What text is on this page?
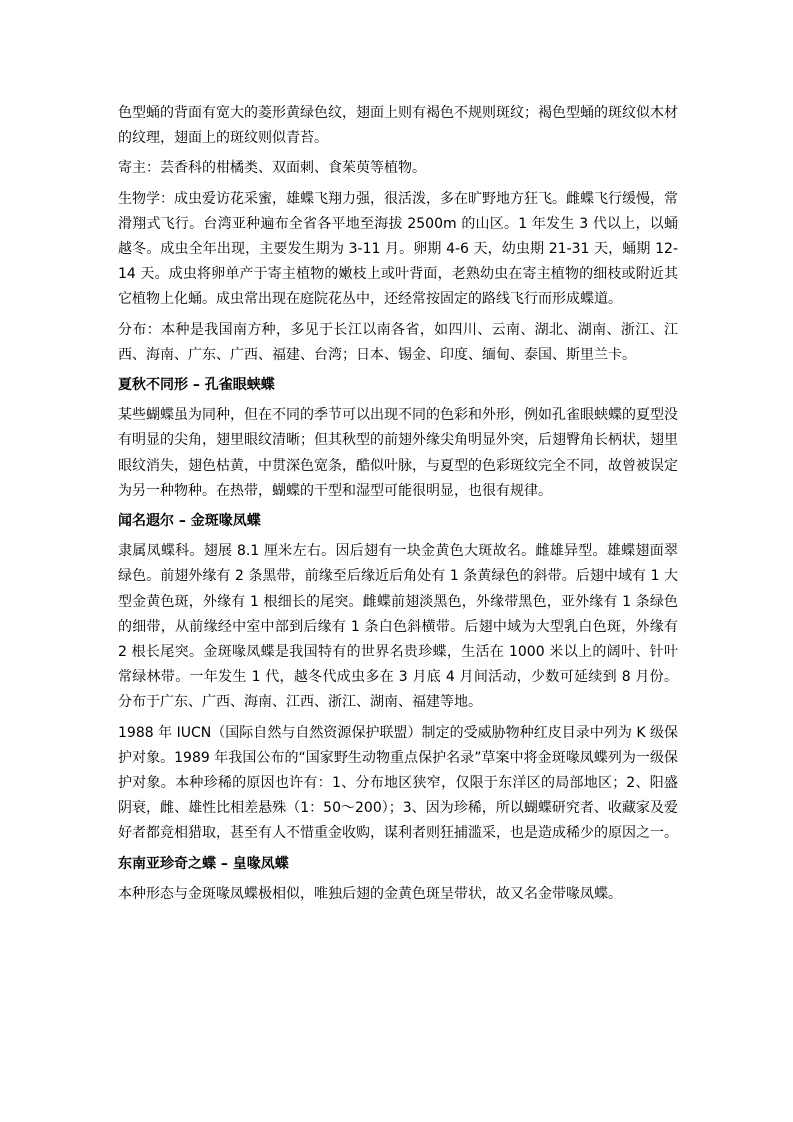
色型蛹的背面有宽大的菱形黄绿色纹，翅面上则有褐色不规则斑纹；褐色型蛹的斑纹似木材的纹理，翅面上的斑纹则似青苔。

寄主：芸香科的柑橘类、双面刺、食茱萸等植物。

生物学：成虫爱访花采蜜，雄蝶飞翔力强，很活泼，多在旷野地方狂飞。雌蝶飞行缓慢，常滑翔式飞行。台湾亚种遍布全省各平地至海拔 2500m 的山区。1 年发生 3 代以上，以蛹越冬。成虫全年出现，主要发生期为 3-11 月。卵期 4-6 天，幼虫期 21-31 天，蛹期 12-14 天。成虫将卵单产于寄主植物的嫩枝上或叶背面，老熟幼虫在寄主植物的细枝或附近其它植物上化蛹。成虫常出现在庭院花丛中，还经常按固定的路线飞行而形成蝶道。

分布：本种是我国南方种，多见于长江以南各省，如四川、云南、湖北、湖南、浙江、江西、海南、广东、广西、福建、台湾；日本、锡金、印度、缅甸、泰国、斯里兰卡。

夏秋不同形 – 孔雀眼蛱蝶

某些蝴蝶虽为同种，但在不同的季节可以出现不同的色彩和外形，例如孔雀眼蛱蝶的夏型没有明显的尖角，翅里眼纹清晰；但其秋型的前翅外缘尖角明显外突，后翅臀角长柄状，翅里眼纹消失，翅色枯黄，中贯深色宽条，酷似叶脉，与夏型的色彩斑纹完全不同，故曾被误定为另一种物种。在热带，蝴蝶的干型和湿型可能很明显，也很有规律。

闻名遐尔 – 金斑喙凤蝶

隶属凤蝶科。翅展 8.1 厘米左右。因后翅有一块金黄色大斑故名。雌雄异型。雄蝶翅面翠绿色。前翅外缘有 2 条黑带，前缘至后缘近后角处有 1 条黄绿色的斜带。后翅中域有 1 大型金黄色斑，外缘有 1 根细长的尾突。雌蝶前翅淡黑色，外缘带黑色，亚外缘有 1 条绿色的细带，从前缘经中室中部到后缘有 1 条白色斜横带。后翅中域为大型乳白色斑，外缘有 2 根长尾突。金斑喙凤蝶是我国特有的世界名贵珍蝶，生活在 1000 米以上的阔叶、针叶常绿林带。一年发生 1 代，越冬代成虫多在 3 月底 4 月间活动，少数可延续到 8 月份。分布于广东、广西、海南、江西、浙江、湖南、福建等地。

1988 年 IUCN（国际自然与自然资源保护联盟）制定的受威胁物种红皮目录中列为 K 级保护对象。1989 年我国公布的“国家野生动物重点保护名录”草案中将金斑喙凤蝶列为一级保护对象。本种珍稀的原因也许有：1、分布地区狭窄，仅限于东洋区的局部地区；2、阳盛阴衰，雌、雄性比相差悬殊（1：50～200）；3、因为珍稀，所以蝴蝶研究者、收藏家及爱好者都竞相猎取，甚至有人不惜重金收购，谋利者则狂捕滥采，也是造成稀少的原因之一。

东南亚珍奇之蝶 – 皇喙凤蝶

本种形态与金斑喙凤蝶极相似，唯独后翅的金黄色斑呈带状，故又名金带喙凤蝶。
